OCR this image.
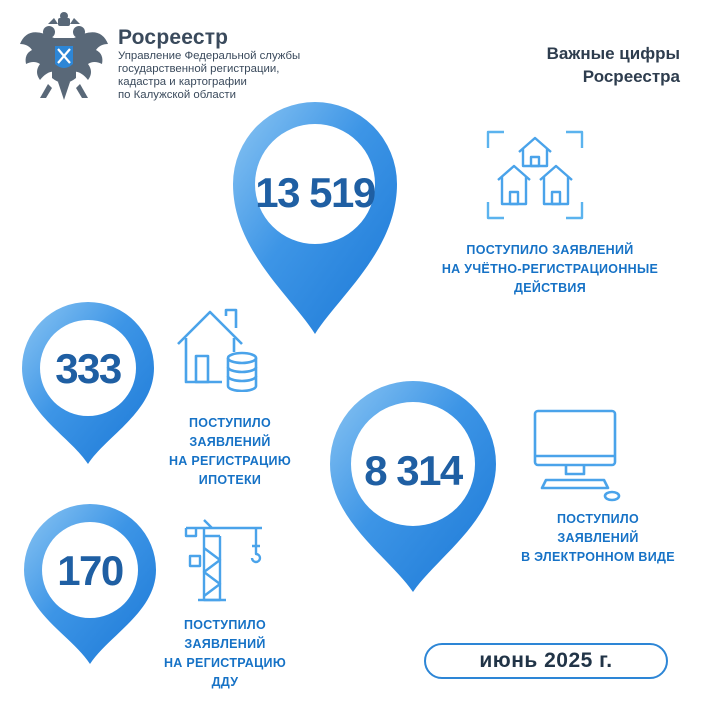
Росреестр
Управление Федеральной службы
государственной регистрации,
кадастра и картографии
по Калужской области
Важные цифры
Росреестра
13 519
ПОСТУПИЛО ЗАЯВЛЕНИЙ
НА УЧЁТНО-РЕГИСТРАЦИОННЫЕ
ДЕЙСТВИЯ
333
ПОСТУПИЛО
ЗАЯВЛЕНИЙ
НА РЕГИСТРАЦИЮ
ИПОТЕКИ	8 314
ПОСТУПИЛО
ЗАЯВЛЕНИЙ
В ЭЛЕКТРОННОМ ВИДЕ
170
ПОСТУПИЛО
ЗАЯВЛЕНИЙ
НА РЕГИСТРАЦИЮ
ДДУ
июнь 2025 г.
